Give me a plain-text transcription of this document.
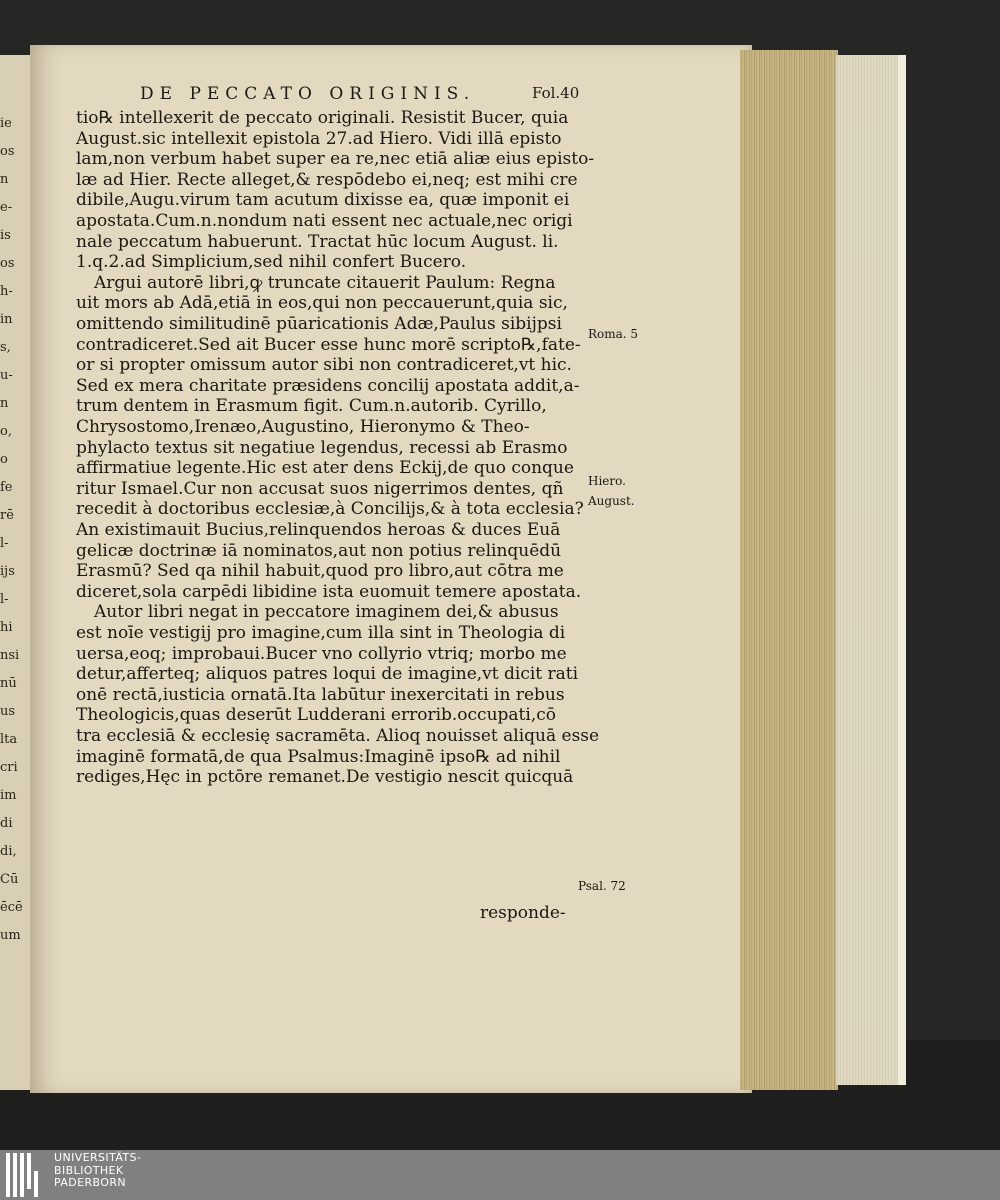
ie
os
n
e-
is
os
h-
in
s,
u-
n
o,
o
fe
rē
l-
ijs
l-
hi
nsi
nū
us
lta
cri
im
di
di,
Cū
ēcē
um
DE PECCATO ORIGINIS.	Fol.40
tio℞ intellexerit de peccato originali. Resistit Bucer, quia
August.sic intellexit epistola 27.ad Hiero. Vidi illā episto
lam,non verbum habet super ea re,nec etiā aliæ eius episto-
læ ad Hier. Recte alleget,& respōdebo ei,neq; est mihi cre
dibile,Augu.virum tam acutum dixisse ea, quæ imponit ei
apostata.Cum.n.nondum nati essent nec actuale,nec origi
nale peccatum habuerunt. Tractat hūc locum August. li.
1.q.2.ad Simplicium,sed nihil confert Bucero.
Argui autorē libri,ꝙ truncate citauerit Paulum: Regna
uit mors ab Adā,etiā in eos,qui non peccauerunt,quia sic,
omittendo similitudinē pūaricationis Adæ,Paulus sibijpsi
contradiceret.Sed ait Bucer esse hunc morē scripto℞,fate-
or si propter omissum autor sibi non contradiceret,vt hic.
Sed ex mera charitate præsidens concilij apostata addit,a-
trum dentem in Erasmum figit. Cum.n.autorib. Cyrillo,
Chrysostomo,Irenæo,Augustino, Hieronymo & Theo-
phylacto textus sit negatiue legendus, recessi ab Erasmo
affirmatiue legente.Hic est ater dens Eckij,de quo conque
ritur Ismael.Cur non accusat suos nigerrimos dentes, qñ
recedit à doctoribus ecclesiæ,à Concilijs,& à tota ecclesia?
An existimauit Bucius,relinquendos heroas & duces Euā
gelicæ doctrinæ iā nominatos,aut non potius relinquēdū
Erasmū? Sed qa nihil habuit,quod pro libro,aut cōtra me
diceret,sola carpēdi libidine ista euomuit temere apostata.
Autor libri negat in peccatore imaginem dei,& abusus
est noīe vestigij pro imagine,cum illa sint in Theologia di
uersa,eoq; improbaui.Bucer vno collyrio vtriq; morbo me
detur,afferteq; aliquos patres loqui de imagine,vt dicit rati
onē rectā,iusticia ornatā.Ita labūtur inexercitati in rebus
Theologicis,quas deserūt Ludderani errorib.occupati,cō
tra ecclesiā & ecclesię sacramēta. Alioq nouisset aliquā esse
imaginē formatā,de qua Psalmus:Imaginē ipso℞ ad nihil
rediges,Hęc in pctōre remanet.De vestigio nescit quicquā
Roma. 5
Hiero.
August.
Psal. 72
responde-
UNIVERSITÄTS-
BIBLIOTHEK
PADERBORN
